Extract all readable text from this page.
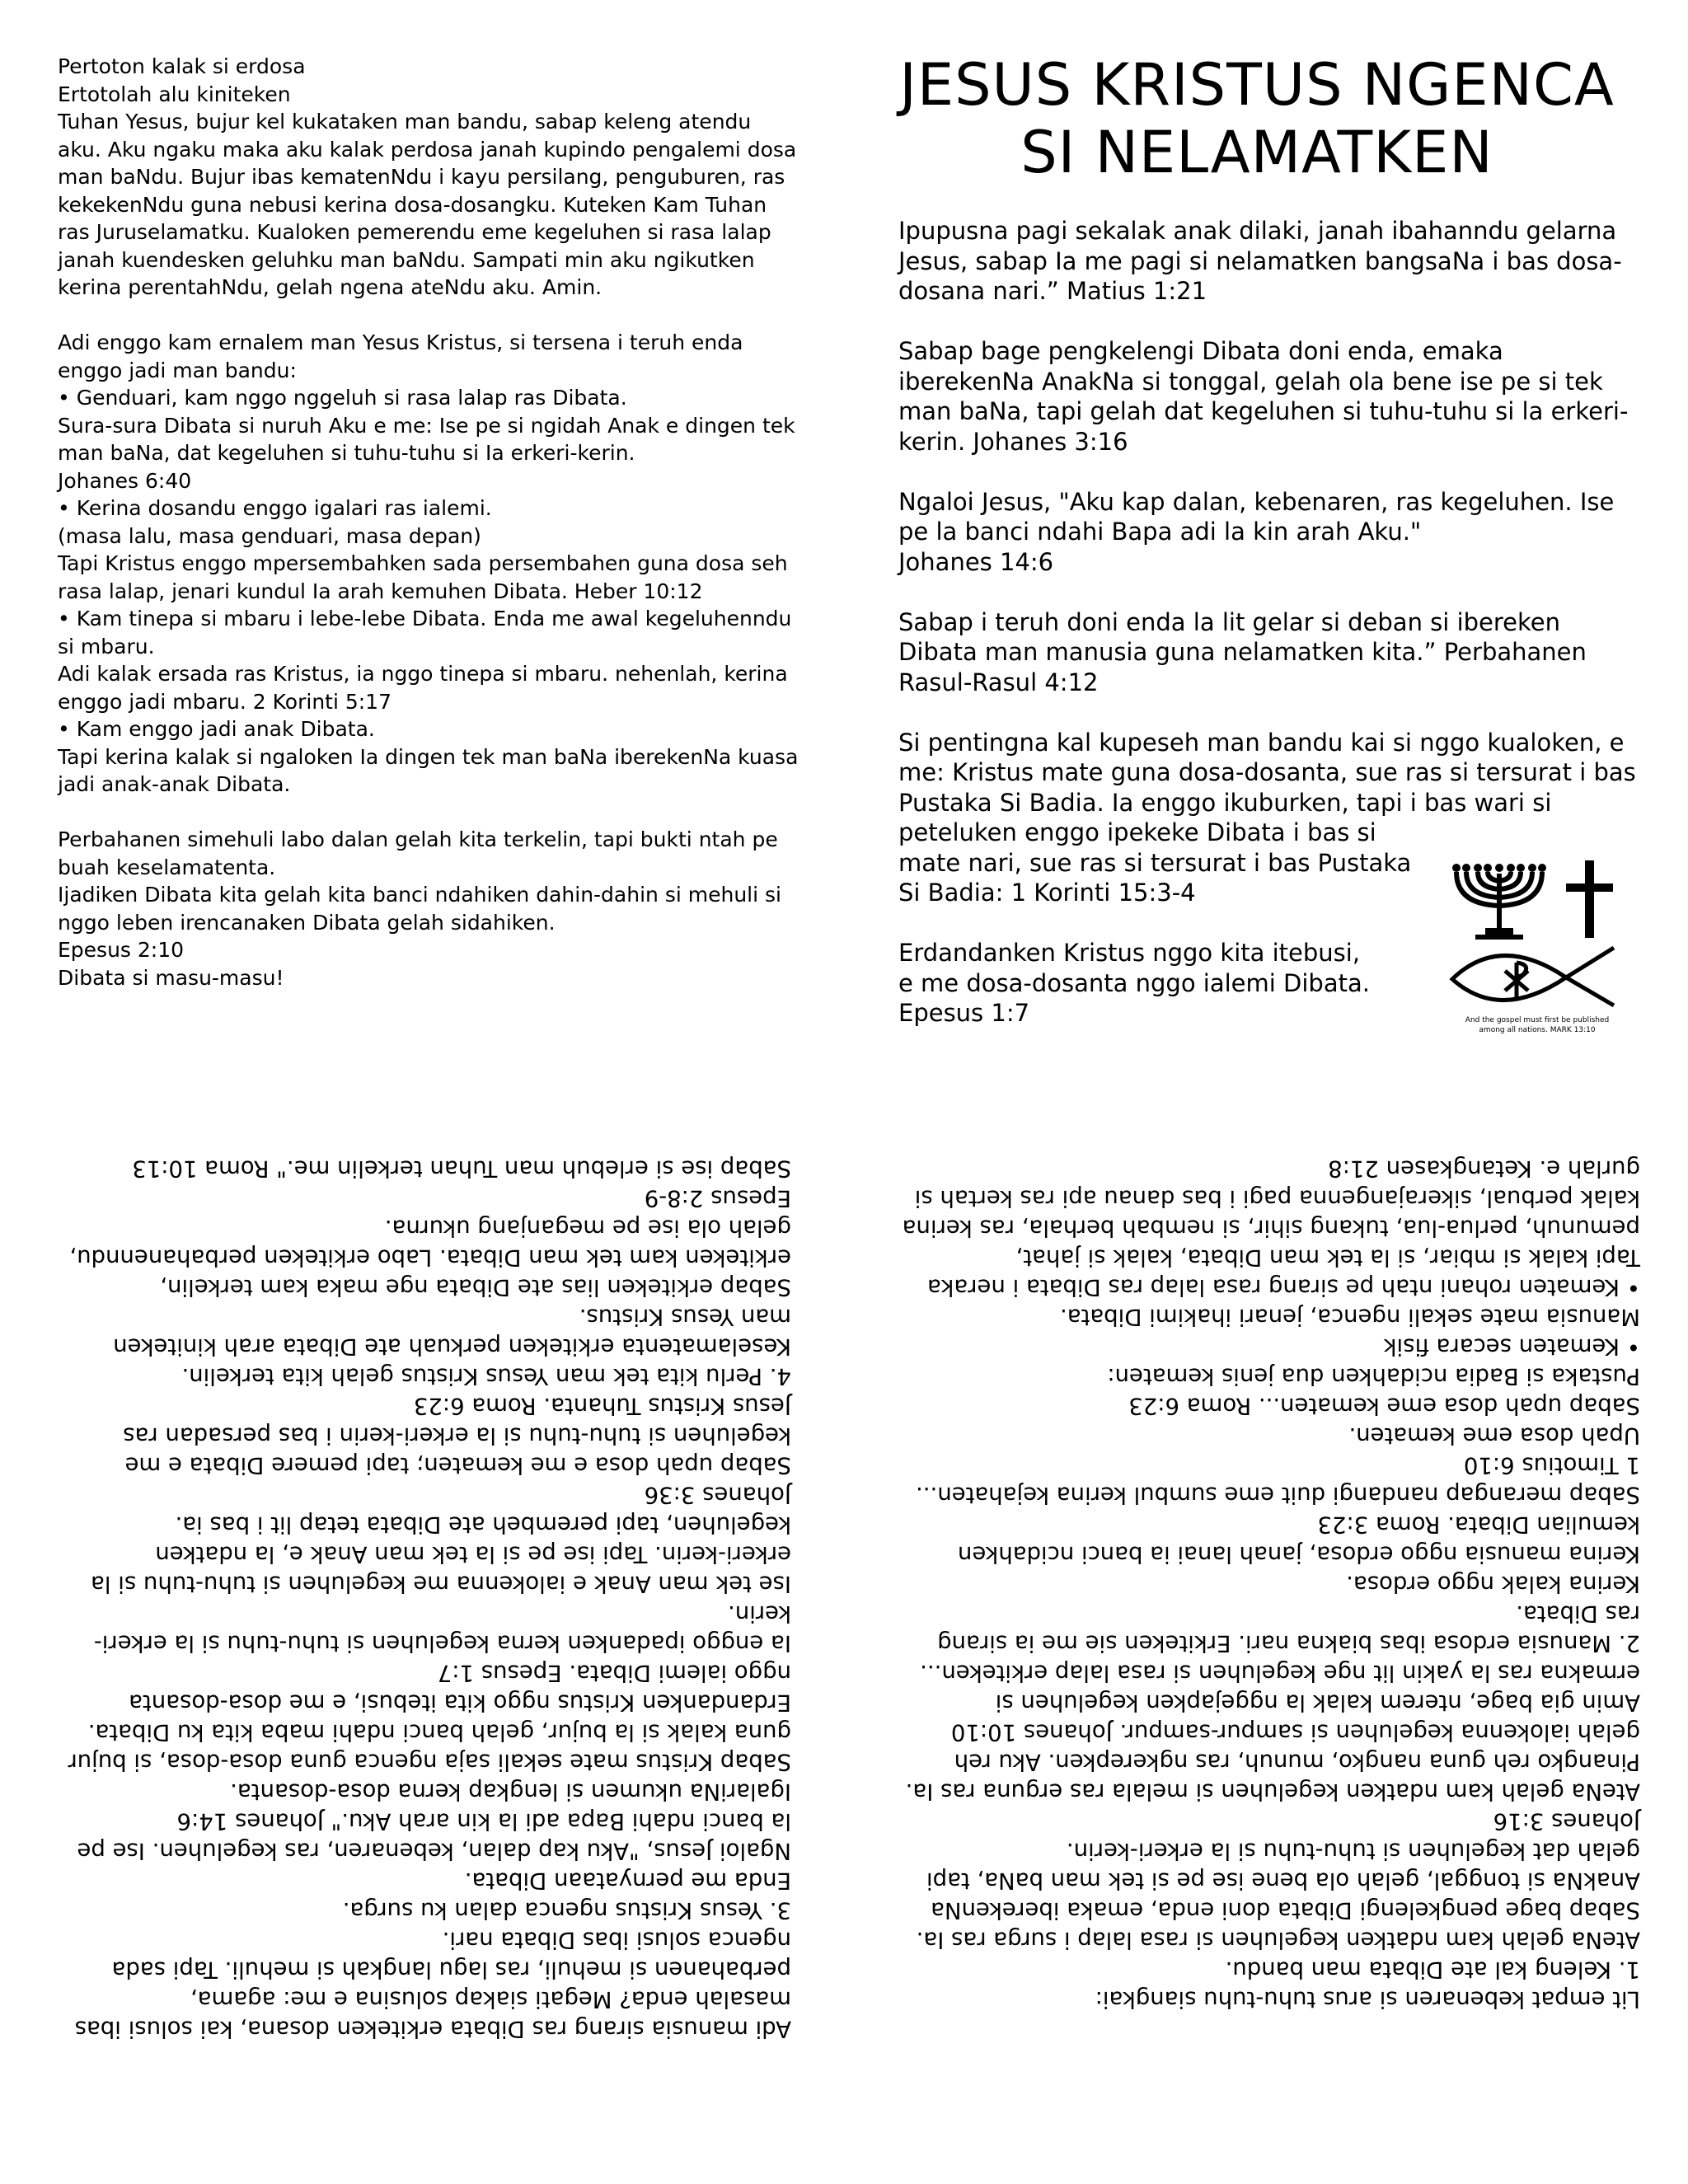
Pertoton kalak si erdosa
Ertotolah alu kiniteken
Tuhan Yesus, bujur kel kukataken man bandu, sabap keleng atendu aku. Aku ngaku maka aku kalak perdosa janah kupindo pengalemi dosa man baNdu. Bujur ibas kematenNdu i kayu persilang, penguburen, ras kekekenNdu guna nebusi kerina dosa-dosangku. Kuteken Kam Tuhan ras Juruselamatku. Kualoken pemerendu eme kegeluhen si rasa lalap janah kuendesken geluhku man baNdu. Sampati min aku ngikutken kerina perentahNdu, gelah ngena ateNdu aku. Amin.

Adi enggo kam ernalem man Yesus Kristus, si tersena i teruh enda enggo jadi man bandu:
• Genduari, kam nggo nggeluh si rasa lalap ras Dibata.
Sura-sura Dibata si nuruh Aku e me: Ise pe si ngidah Anak e dingen tek man baNa, dat kegeluhen si tuhu-tuhu si Ia erkeri-kerin.
Johanes 6:40
• Kerina dosandu enggo igalari ras ialemi.
(masa lalu, masa genduari, masa depan)
Tapi Kristus enggo mpersembahken sada persembahen guna dosa seh rasa lalap, jenari kundul Ia arah kemuhen Dibata. Heber 10:12
• Kam tinepa si mbaru i lebe-lebe Dibata. Enda me awal kegeluhenndu si mbaru.
Adi kalak ersada ras Kristus, ia nggo tinepa si mbaru. nehenlah, kerina enggo jadi mbaru. 2 Korinti 5:17
• Kam enggo jadi anak Dibata.
Tapi kerina kalak si ngaloken Ia dingen tek man baNa iberekenNa kuasa jadi anak-anak Dibata.

Perbahanen simehuli labo dalan gelah kita terkelin, tapi bukti ntah pe buah keselamatenta.
Ijadiken Dibata kita gelah kita banci ndahiken dahin-dahin si mehuli si nggo leben irencanaken Dibata gelah sidahiken.
Epesus 2:10
Dibata si masu-masu!
JESUS KRISTUS NGENCA
SI NELAMATKEN
Ipupusna pagi sekalak anak dilaki, janah ibahanndu gelarna Jesus, sabap Ia me pagi si nelamatken bangsaNa i bas dosa-dosana nari.” Matius 1:21

Sabap bage pengkelengi Dibata doni enda, emaka iberekenNa AnakNa si tonggal, gelah ola bene ise pe si tek man baNa, tapi gelah dat kegeluhen si tuhu-tuhu si la erkeri-kerin. Johanes 3:16

Ngaloi Jesus, "Aku kap dalan, kebenaren, ras kegeluhen. Ise pe la banci ndahi Bapa adi la kin arah Aku."
Johanes 14:6

Sabap i teruh doni enda la lit gelar si deban si ibereken Dibata man manusia guna nelamatken kita.” Perbahanen Rasul-Rasul 4:12

Si pentingna kal kupeseh man bandu kai si nggo kualoken, e me: Kristus mate guna dosa-dosanta, sue ras si tersurat i bas Pustaka Si Badia. Ia enggo ikuburken, tapi i bas wari si peteluken enggo ipekeke Dibata i bas si
mate nari, sue ras si tersurat i bas Pustaka
Si Badia: 1 Korinti 15:3-4

Erdandanken Kristus nggo kita itebusi,
e me dosa-dosanta nggo ialemi Dibata.
Epesus 1:7	And the gospel must first be published
among all nations. MARK 13:10

Adi manusia sirang ras Dibata erkiteken dosana, kai solusi ibas masalah enda? Megati siakap solusina e me: agama, perbahanen si mehuli, ras lagu langkah si mehuli. Tapi sada ngenca solusi ibas Dibata nari.
3. Yesus Kristus ngenca dalan ku surga.
Enda me pernyataan Dibata.
Ngaloi Jesus, "Aku kap dalan, kebenaren, ras kegeluhen. Ise pe la banci ndahi Bapa adi la kin arah Aku." Johanes 14:6
IgalariNa ukumen si lengkap kerna dosa-dosanta.
Sabap Kristus mate sekali saja ngenca guna dosa-dosa, si bujur guna kalak si la bujur, gelah banci ndahi maba kita ku Dibata.
Erdandanken Kristus nggo kita itebusi, e me dosa-dosanta nggo ialemi Dibata. Epesus 1:7
Ia enggo ipadanken kerna kegeluhen si tuhu-tuhu si la erkeri-kerin.
Ise tek man Anak e ialokenna me kegeluhen si tuhu-tuhu si la erkeri-kerin. Tapi ise pe si la tek man Anak e, la ndatken kegeluhen, tapi perembeh ate Dibata tetap lit i bas ia.
Johanes 3:36
Sabap upah dosa e me kematen; tapi pemere Dibata e me kegeluhen si tuhu-tuhu si la erkeri-kerin i bas persadan ras Jesus Kristus Tuhanta. Roma 6:23
4. Perlu kita tek man Yesus Kristus gelah kita terkelin.
Keselamatenta erkiteken perkuah ate Dibata arah kiniteken man Yesus Kristus.
Sabap erkiteken lias ate Dibata nge maka kam terkelin, erkiteken kam tek man Dibata. Labo erkiteken perbahanenndu, gelah ola ise pe meganjang ukurna.
Epesus 2:8-9
Sabap ise si erlebuh man Tuhan terkelin me." Roma 10:13

Lit empat kebenaren si arus tuhu-tuhu siangkai:
1. Keleng kal ate Dibata man bandu.
AteNa gelah kam ndatken kegeluhen si rasa lalap i surga ras Ia.
Sabap bage pengkelengi Dibata doni enda, emaka iberekenNa AnakNa si tonggal, gelah ola bene ise pe si tek man baNa, tapi gelah dat kegeluhen si tuhu-tuhu si la erkeri-kerin.
Johanes 3:16
AteNa gelah kam ndatken kegeluhen si melala ras erguna ras Ia.
Pinangko reh guna nangko, munuh, ras ngkerepken. Aku reh gelah ialokenna kegeluhen si sampur-sampur. Johanes 10:10
Amin gia bage, nterem kalak la nggejapken kegeluhen si ermakna ras la yakin lit nge kegeluhen si rasa lalap erkiteken...
2. Manusia erdosa ibas biakna nari. Erkiteken sie me ia sirang ras Dibata.
Kerina kalak nggo erdosa.
Kerina manusia nggo erdosa, janah lanai ia banci ncidahken kemulian Dibata. Roma 3:23
Sabap merangap nandangi duit eme sumbul kerina kejahaten...
1 Timotius 6:10
Upah dosa eme kematen.
Sabap upah dosa eme kematen... Roma 6:23
Pustaka si Badia ncidahken dua jenis kematen:
• Kematen secara fisik
Manusia mate sekali ngenca, jenari ihakimi Dibata.
• Kematen rohani ntah pe sirang rasa lalap ras Dibata i neraka
Tapi kalak si mbiar, si la tek man Dibata, kalak si jahat, pemunuh, perlua-lua, tukang sihir, si nembah berhala, ras kerina kalak perbual, sikerajangenna pagi i bas danau api ras kertah si gurlah e. Ketangkasen 21:8
